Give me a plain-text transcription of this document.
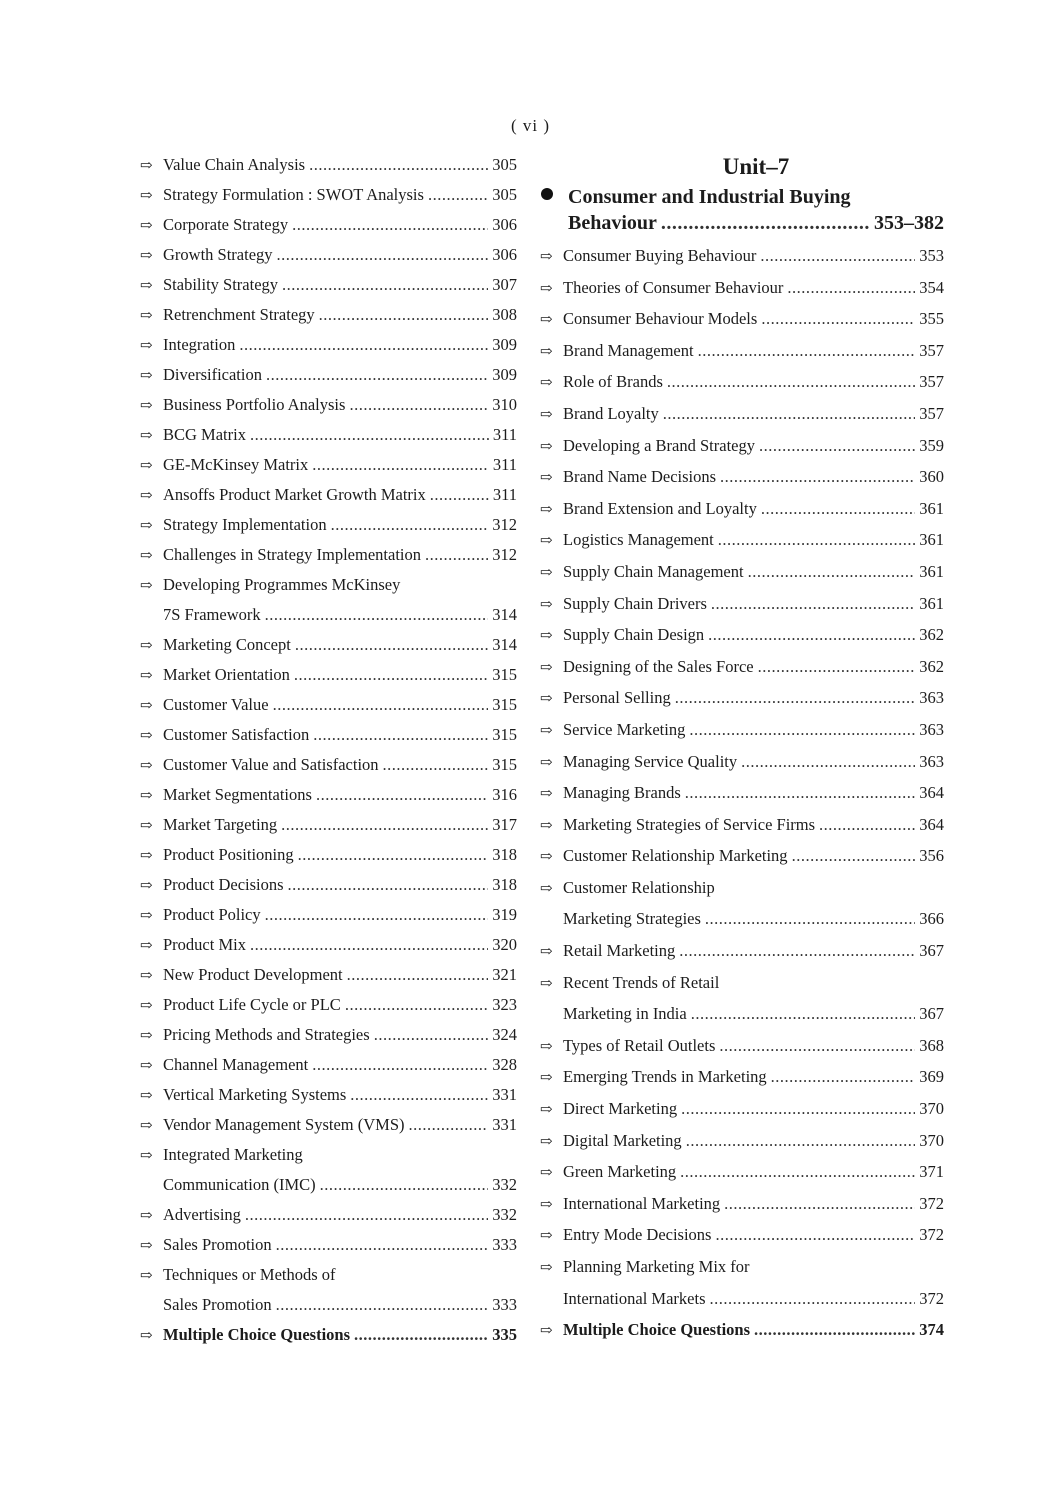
( vi )
⇨ Value Chain Analysis .....	305
⇨ Strategy Formulation : SWOT Analysis .....	305
⇨ Corporate Strategy .....	306
⇨ Growth Strategy .....	306
⇨ Stability Strategy .....	307
⇨ Retrenchment Strategy .....	308
⇨ Integration .....	309
⇨ Diversification .....	309
⇨ Business Portfolio Analysis .....	310
⇨ BCG Matrix .....	311
⇨ GE-McKinsey Matrix .....	311
⇨ Ansoffs Product Market Growth Matrix .....	311
⇨ Strategy Implementation .....	312
⇨ Challenges in Strategy Implementation .....	312
⇨ Developing Programmes McKinsey
7S Framework .....	314
⇨ Marketing Concept .....	314
⇨ Market Orientation .....	315
⇨ Customer Value .....	315
⇨ Customer Satisfaction .....	315
⇨ Customer Value and Satisfaction .....	315
⇨ Market Segmentations .....	316
⇨ Market Targeting .....	317
⇨ Product Positioning .....	318
⇨ Product Decisions .....	318
⇨ Product Policy .....	319
⇨ Product Mix .....	320
⇨ New Product Development .....	321
⇨ Product Life Cycle or PLC .....	323
⇨ Pricing Methods and Strategies .....	324
⇨ Channel Management .....	328
⇨ Vertical Marketing Systems .....	331
⇨ Vendor Management System (VMS) .....	331
⇨ Integrated Marketing
Communication (IMC) .....	332
⇨ Advertising .....	332
⇨ Sales Promotion .....	333
⇨ Techniques or Methods of
Sales Promotion .....	333
⇨ Multiple Choice Questions .....	335
Unit–7
Consumer and Industrial Buying
Behaviour .....	353–382
⇨ Consumer Buying Behaviour .....	353
⇨ Theories of Consumer Behaviour .....	354
⇨ Consumer Behaviour Models .....	355
⇨ Brand Management .....	357
⇨ Role of Brands .....	357
⇨ Brand Loyalty .....	357
⇨ Developing a Brand Strategy .....	359
⇨ Brand Name Decisions .....	360
⇨ Brand Extension and Loyalty .....	361
⇨ Logistics Management .....	361
⇨ Supply Chain Management .....	361
⇨ Supply Chain Drivers .....	361
⇨ Supply Chain Design .....	362
⇨ Designing of the Sales Force .....	362
⇨ Personal Selling .....	363
⇨ Service Marketing .....	363
⇨ Managing Service Quality .....	363
⇨ Managing Brands .....	364
⇨ Marketing Strategies of Service Firms .....	364
⇨ Customer Relationship Marketing .....	356
⇨ Customer Relationship
Marketing Strategies .....	366
⇨ Retail Marketing .....	367
⇨ Recent Trends of Retail
Marketing in India .....	367
⇨ Types of Retail Outlets .....	368
⇨ Emerging Trends in Marketing .....	369
⇨ Direct Marketing .....	370
⇨ Digital Marketing .....	370
⇨ Green Marketing .....	371
⇨ International Marketing .....	372
⇨ Entry Mode Decisions .....	372
⇨ Planning Marketing Mix for
International Markets .....	372
⇨ Multiple Choice Questions .....	374
